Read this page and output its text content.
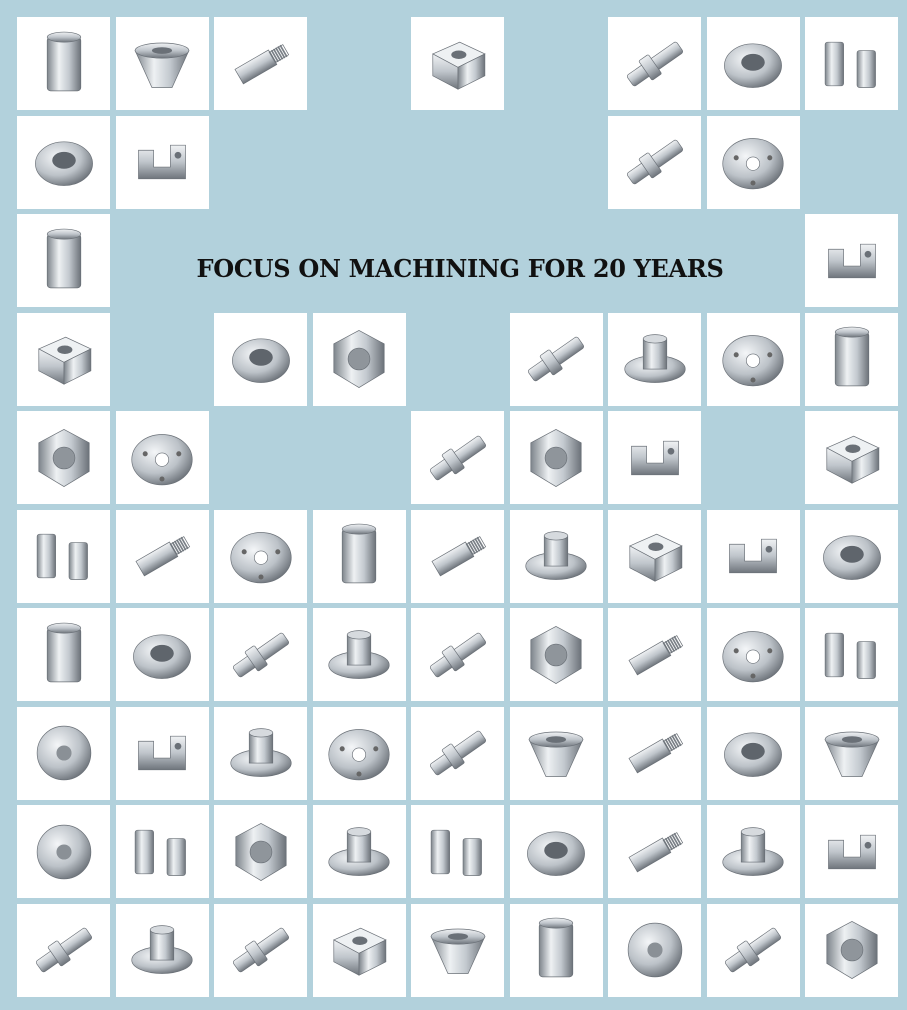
FOCUS ON MACHINING FOR 20 YEARS
